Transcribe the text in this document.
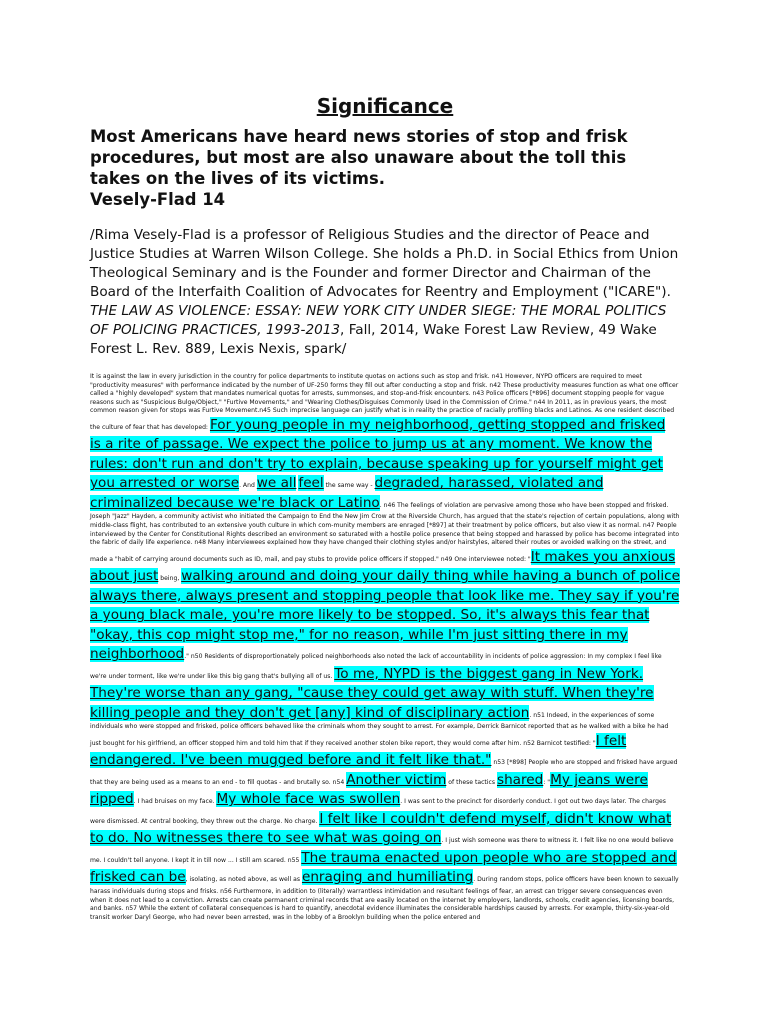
Significance

Most Americans have heard news stories of stop and frisk procedures, but most are also unaware about the toll this takes on the lives of its victims.

Vesely-Flad 14

/Rima Vesely-Flad is a professor of Religious Studies and the director of Peace and Justice Studies at Warren Wilson College. She holds a Ph.D. in Social Ethics from Union Theological Seminary and is the Founder and former Director and Chairman of the Board of the Interfaith Coalition of Advocates for Reentry and Employment ("ICARE"). THE LAW AS VIOLENCE: ESSAY: NEW YORK CITY UNDER SIEGE: THE MORAL POLITICS OF POLICING PRACTICES, 1993-2013, Fall, 2014, Wake Forest Law Review, 49 Wake Forest L. Rev. 889, Lexis Nexis, spark/

It is against the law in every jurisdiction in the country for police departments to institute quotas on actions such as stop and frisk. n41 However, NYPD officers are required to meet "productivity measures" with performance indicated by the number of UF-250 forms they fill out after conducting a stop and frisk. n42 These productivity measures function as what one officer called a "highly developed" system that mandates numerical quotas for arrests, summonses, and stop-and-frisk encounters. n43 Police officers [*896] document stopping people for vague reasons such as "Suspicious Bulge/Object," "Furtive Movements," and "Wearing Clothes/Disguises Commonly Used in the Commission of Crime." n44 In 2011, as in previous years, the most common reason given for stops was Furtive Movement.n45 Such imprecise language can justify what is in reality the practice of racially profiling blacks and Latinos. As one resident described the culture of fear that has developed: For young people in my neighborhood, getting stopped and frisked is a rite of passage. We expect the police to jump us at any moment. We know the rules: don't run and don't try to explain, because speaking up for yourself might get you arrested or worse. And we all feel the same way - degraded, harassed, violated and criminalized because we're black or Latino. n46 The feelings of violation are pervasive among those who have been stopped and frisked. Joseph "Jazz" Hayden, a community activist who initiated the Campaign to End the New Jim Crow at the Riverside Church, has argued that the state's rejection of certain populations, along with middle-class flight, has contributed to an extensive youth culture in which com-munity members are enraged [*897] at their treatment by police officers, but also view it as normal. n47 People interviewed by the Center for Constitutional Rights described an environment so saturated with a hostile police presence that being stopped and harassed by police has become integrated into the fabric of daily life experience. n48 Many interviewees explained how they have changed their clothing styles and/or hairstyles, altered their routes or avoided walking on the street, and made a "habit of carrying around documents such as ID, mail, and pay stubs to provide police officers if stopped." n49 One interviewee noted: "It makes you anxious about just being, walking around and doing your daily thing while having a bunch of police always there, always present and stopping people that look like me. They say if you're a young black male, you're more likely to be stopped. So, it's always this fear that "okay, this cop might stop me," for no reason, while I'm just sitting there in my neighborhood." n50 Residents of disproportionately policed neighborhoods also noted the lack of accountability in incidents of police aggression: In my complex I feel like we're under torment, like we're under like this big gang that's bullying all of us. To me, NYPD is the biggest gang in New York. They're worse than any gang, "cause they could get away with stuff. When they're killing people and they don't get [any] kind of disciplinary action. n51 Indeed, in the experiences of some individuals who were stopped and frisked, police officers behaved like the criminals whom they sought to arrest. For example, Derrick Barnicot reported that as he walked with a bike he had just bought for his girlfriend, an officer stopped him and told him that if they received another stolen bike report, they would come after him. n52 Barnicot testified: "I felt endangered. I've been mugged before and it felt like that." n53 [*898] People who are stopped and frisked have argued that they are being used as a means to an end - to fill quotas - and brutally so. n54 Another victim of these tactics shared: "My jeans were ripped. I had bruises on my face. My whole face was swollen. I was sent to the precinct for disorderly conduct. I got out two days later. The charges were dismissed. At central booking, they threw out the charge. No charge. I felt like I couldn't defend myself, didn't know what to do. No witnesses there to see what was going on. I just wish someone was there to witness it. I felt like no one would believe me. I couldn't tell anyone. I kept it in till now ... I still am scared. n55 The trauma enacted upon people who are stopped and frisked can be, isolating, as noted above, as well as enraging and humiliating. During random stops, police officers have been known to sexually harass individuals during stops and frisks. n56 Furthermore, in addition to (literally) warrantless intimidation and resultant feelings of fear, an arrest can trigger severe consequences even when it does not lead to a conviction. Arrests can create permanent criminal records that are easily located on the internet by employers, landlords, schools, credit agencies, licensing boards, and banks. n57 While the extent of collateral consequences is hard to quantify, anecdotal evidence illuminates the considerable hardships caused by arrests. For example, thirty-six-year-old transit worker Daryl George, who had never been arrested, was in the lobby of a Brooklyn building when the police entered and
